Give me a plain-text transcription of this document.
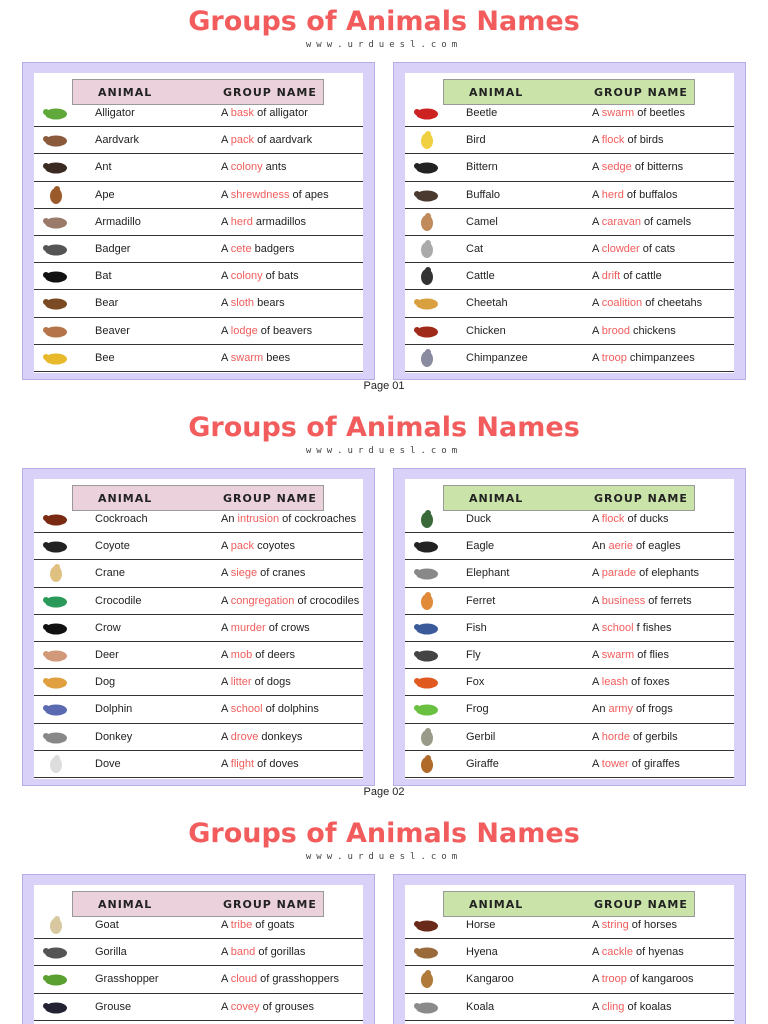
Groups of Animals Names
www.urduesl.com
Alligator	A bask of alligator
Aardvark	A pack of aardvark
Ant	A colony ants
Ape	A shrewdness of apes
Armadillo	A herd armadillos
Badger	A cete badgers
Bat	A colony of bats
Bear	A sloth bears
Beaver	A lodge of beavers
Bee	A swarm bees
ANIMAL	GROUP NAME
Beetle	A swarm of beetles
Bird	A flock of birds
Bittern	A sedge of bitterns
Buffalo	A herd of buffalos
Camel	A caravan of camels
Cat	A clowder of cats
Cattle	A drift of cattle
Cheetah	A coalition of cheetahs
Chicken	A brood chickens
Chimpanzee	A troop chimpanzees
ANIMAL	GROUP NAME
Page 01
Groups of Animals Names
www.urduesl.com
Cockroach	An intrusion of cockroaches
Coyote	A pack coyotes
Crane	A siege of cranes
Crocodile	A congregation of crocodiles
Crow	A murder of crows
Deer	A mob of deers
Dog	A litter of dogs
Dolphin	A school of dolphins
Donkey	A drove donkeys
Dove	A flight of doves
ANIMAL	GROUP NAME
Duck	A flock of ducks
Eagle	An aerie of eagles
Elephant	A parade of elephants
Ferret	A business of ferrets
Fish	A school f fishes
Fly	A swarm of flies
Fox	A leash of foxes
Frog	An army of frogs
Gerbil	A horde of gerbils
Giraffe	A tower of giraffes
ANIMAL	GROUP NAME
Page 02
Groups of Animals Names
www.urduesl.com
Goat	A tribe of goats
Gorilla	A band of gorillas
Grasshopper	A cloud of grasshoppers
Grouse	A covey of grouses
ANIMAL	GROUP NAME
Horse	A string of horses
Hyena	A cackle of hyenas
Kangaroo	A troop of kangaroos
Koala	A cling of koalas
ANIMAL	GROUP NAME
